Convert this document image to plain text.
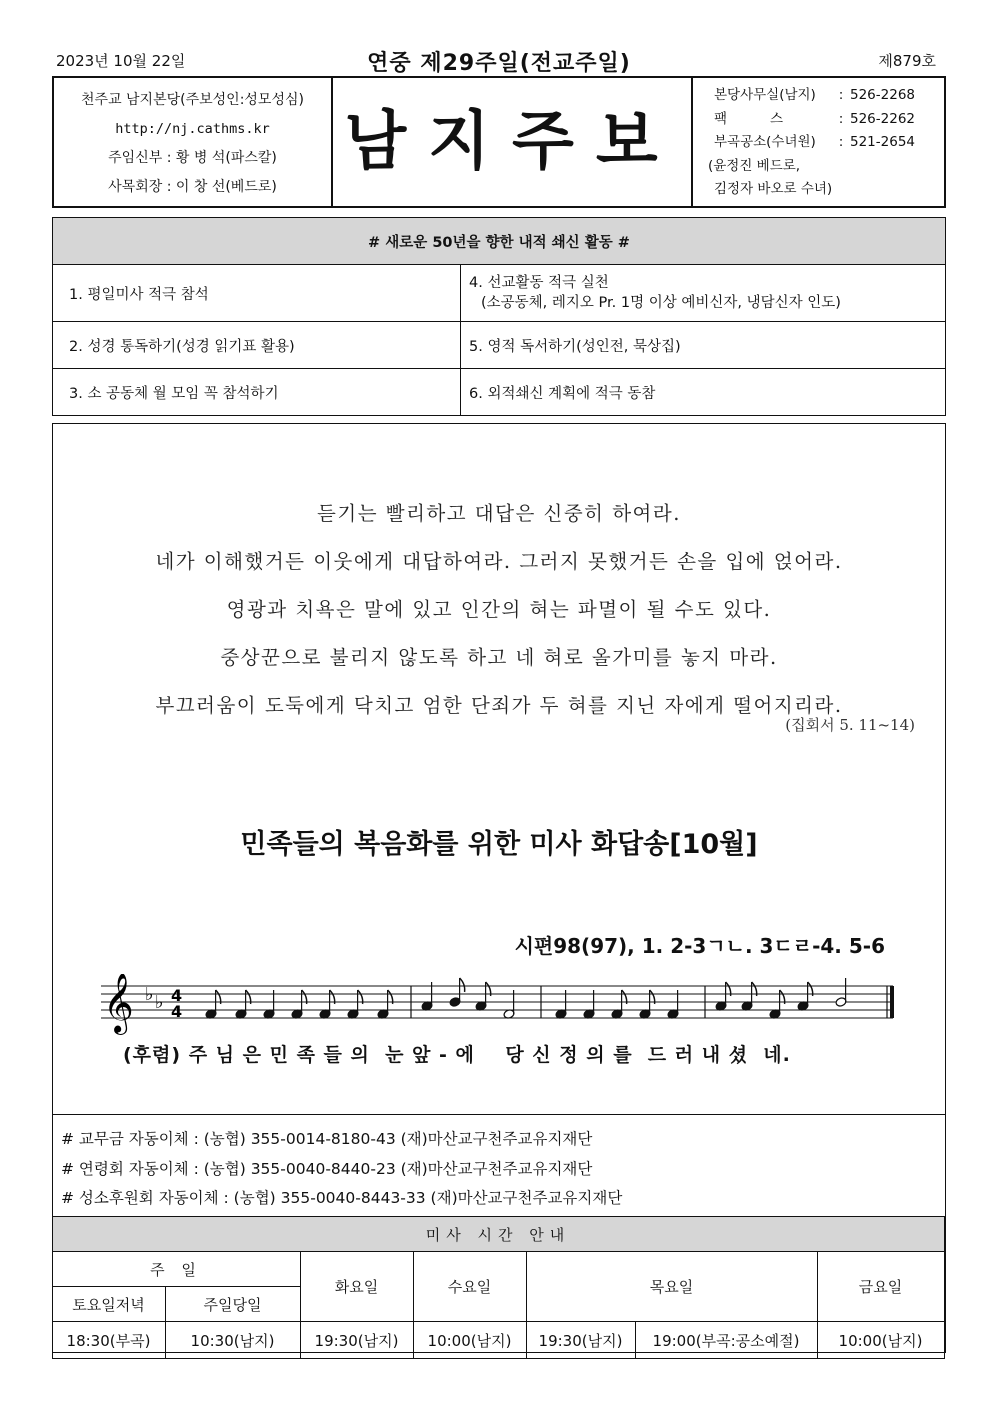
2023년 10월 22일	연중 제29주일(전교주일)	제879호
천주교 남지본당(주보성인:성모성심)
http://nj.cathms.kr
주임신부 : 황 병 석(파스칼)
사목회장 : 이 창 선(베드로)
남지주보
본당사무실(남지)	: 526-2268
팩          스	: 526-2262
부곡공소(수녀원)	: 521-2654
(윤정진 베드로,
김정자 바오로 수녀)
# 새로운 50년을 향한 내적 쇄신 활동 #	
1. 평일미사 적극 참석	4. 선교활동 적극 실천
(소공동체, 레지오 Pr. 1명 이상 예비신자, 냉담신자 인도)

2. 성경 통독하기(성경 읽기표 활용)	5. 영적 독서하기(성인전, 묵상집)
3. 소 공동체 월 모임 꼭 참석하기	6. 외적쇄신 계획에 적극 동참
듣기는 빨리하고 대답은 신중히 하여라.
네가 이해했거든 이웃에게 대답하여라. 그러지 못했거든 손을 입에 얹어라.
영광과 치욕은 말에 있고 인간의 혀는 파멸이 될 수도 있다.
중상꾼으로 불리지 않도록 하고 네 혀로 올가미를 놓지 마라.
부끄러움이 도둑에게 닥치고 엄한 단죄가 두 혀를 지닌 자에게 떨어지리라.
(집회서 5. 11~14)
민족들의 복음화를 위한 미사 화답송[10월]
시편98(97), 1. 2-3ㄱㄴ. 3ㄷㄹ-4. 5-6
𝄞 ♭ ♭ 4
4
(후렴) 주 님 은 민 족 들 의  눈 앞 - 에    당 신 정 의 를  드 러 내 셨  네.
# 교무금 자동이체 : (농협) 355-0014-8180-43 (재)마산교구천주교유지재단
# 연령회 자동이체 : (농협) 355-0040-8440-23 (재)마산교구천주교유지재단
# 성소후원회 자동이체 : (농협) 355-0040-8443-33 (재)마산교구천주교유지재단
미사 시간 안내						
주 일		화요일	수요일	목요일		금요일
토요일저녁	주일당일					
18:30(부곡)	10:30(남지)	19:30(남지)	10:00(남지)	19:30(남지)	19:00(부곡:공소예절)	10:00(남지)
